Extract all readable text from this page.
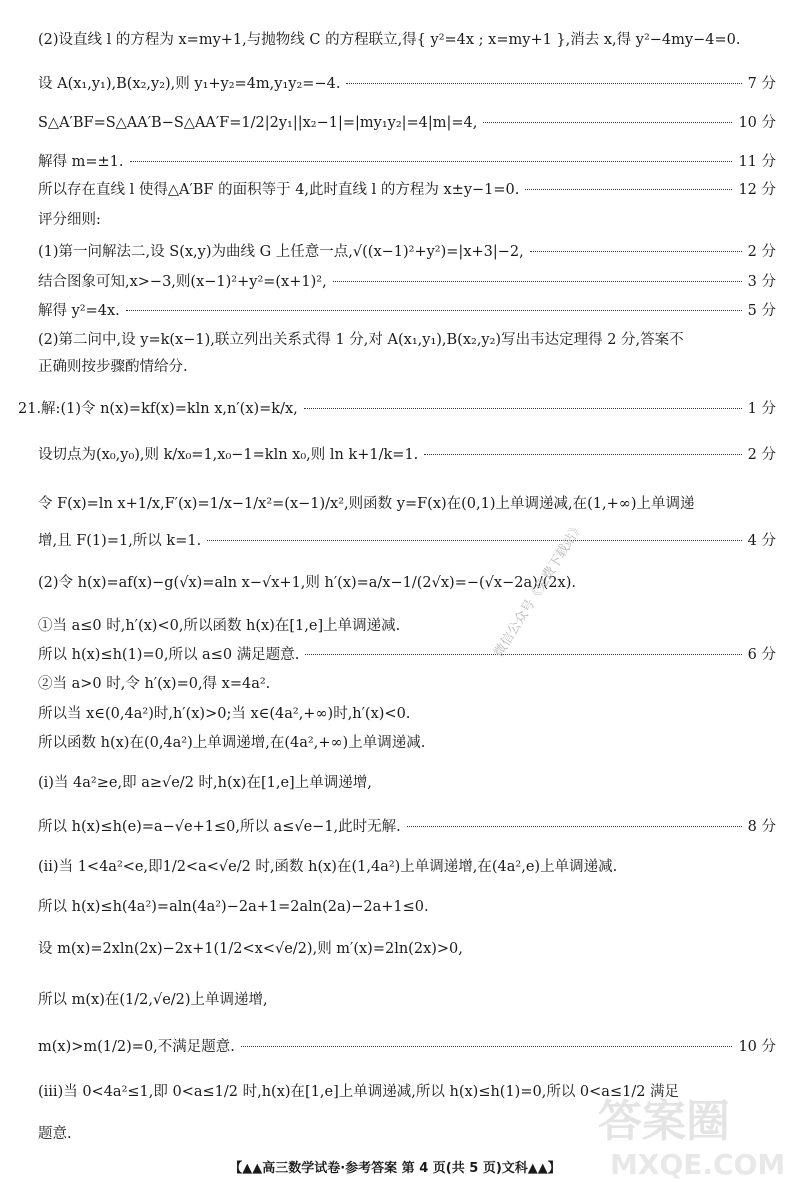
(2)设直线 l 的方程为 x=my+1,与抛物线 C 的方程联立,得{ y²=4x ; x=my+1 },消去 x,得 y²−4my−4=0.
设 A(x₁,y₁),B(x₂,y₂),则 y₁+y₂=4m,y₁y₂=−4.	7 分
S△A′BF=S△AA′B−S△AA′F=1/2|2y₁||x₂−1|=|my₁y₂|=4|m|=4,	10 分
解得 m=±1.	11 分
所以存在直线 l 使得△A′BF 的面积等于 4,此时直线 l 的方程为 x±y−1=0.	12 分
评分细则:
(1)第一问解法二,设 S(x,y)为曲线 G 上任意一点,√((x−1)²+y²)=|x+3|−2,	2 分
结合图象可知,x>−3,则(x−1)²+y²=(x+1)²,	3 分
解得 y²=4x.	5 分
(2)第二问中,设 y=k(x−1),联立列出关系式得 1 分,对 A(x₁,y₁),B(x₂,y₂)写出韦达定理得 2 分,答案不
正确则按步骤酌情给分.
21.解:(1)令 n(x)=kf(x)=kln x,n′(x)=k/x,	1 分
设切点为(x₀,y₀),则 k/x₀=1,x₀−1=kln x₀,则 ln k+1/k=1.	2 分
令 F(x)=ln x+1/x,F′(x)=1/x−1/x²=(x−1)/x²,则函数 y=F(x)在(0,1)上单调递减,在(1,+∞)上单调递
增,且 F(1)=1,所以 k=1.	4 分
(2)令 h(x)=af(x)−g(√x)=aln x−√x+1,则 h′(x)=a/x−1/(2√x)=−(√x−2a)/(2x).
①当 a≤0 时,h′(x)<0,所以函数 h(x)在[1,e]上单调递减.
所以 h(x)≤h(1)=0,所以 a≤0 满足题意.	6 分
②当 a>0 时,令 h′(x)=0,得 x=4a².
所以当 x∈(0,4a²)时,h′(x)>0;当 x∈(4a²,+∞)时,h′(x)<0.
所以函数 h(x)在(0,4a²)上单调递增,在(4a²,+∞)上单调递减.
(ⅰ)当 4a²≥e,即 a≥√e/2 时,h(x)在[1,e]上单调递增,
所以 h(x)≤h(e)=a−√e+1≤0,所以 a≤√e−1,此时无解.	8 分
(ⅱ)当 1<4a²<e,即1/2<a<√e/2 时,函数 h(x)在(1,4a²)上单调递增,在(4a²,e)上单调递减.
所以 h(x)≤h(4a²)=aln(4a²)−2a+1=2aln(2a)−2a+1≤0.
设 m(x)=2xln(2x)−2x+1(1/2<x<√e/2),则 m′(x)=2ln(2x)>0,
所以 m(x)在(1/2,√e/2)上单调递增,
m(x)>m(1/2)=0,不满足题意.	10 分
(ⅲ)当 0<4a²≤1,即 0<a≤1/2 时,h(x)在[1,e]上单调递减,所以 h(x)≤h(1)=0,所以 0<a≤1/2 满足
题意.
微信公众号《免费下载站》
答案圈
MXQE.COM
【▲▲高三数学试卷·参考答案 第 4 页(共 5 页)文科▲▲】
